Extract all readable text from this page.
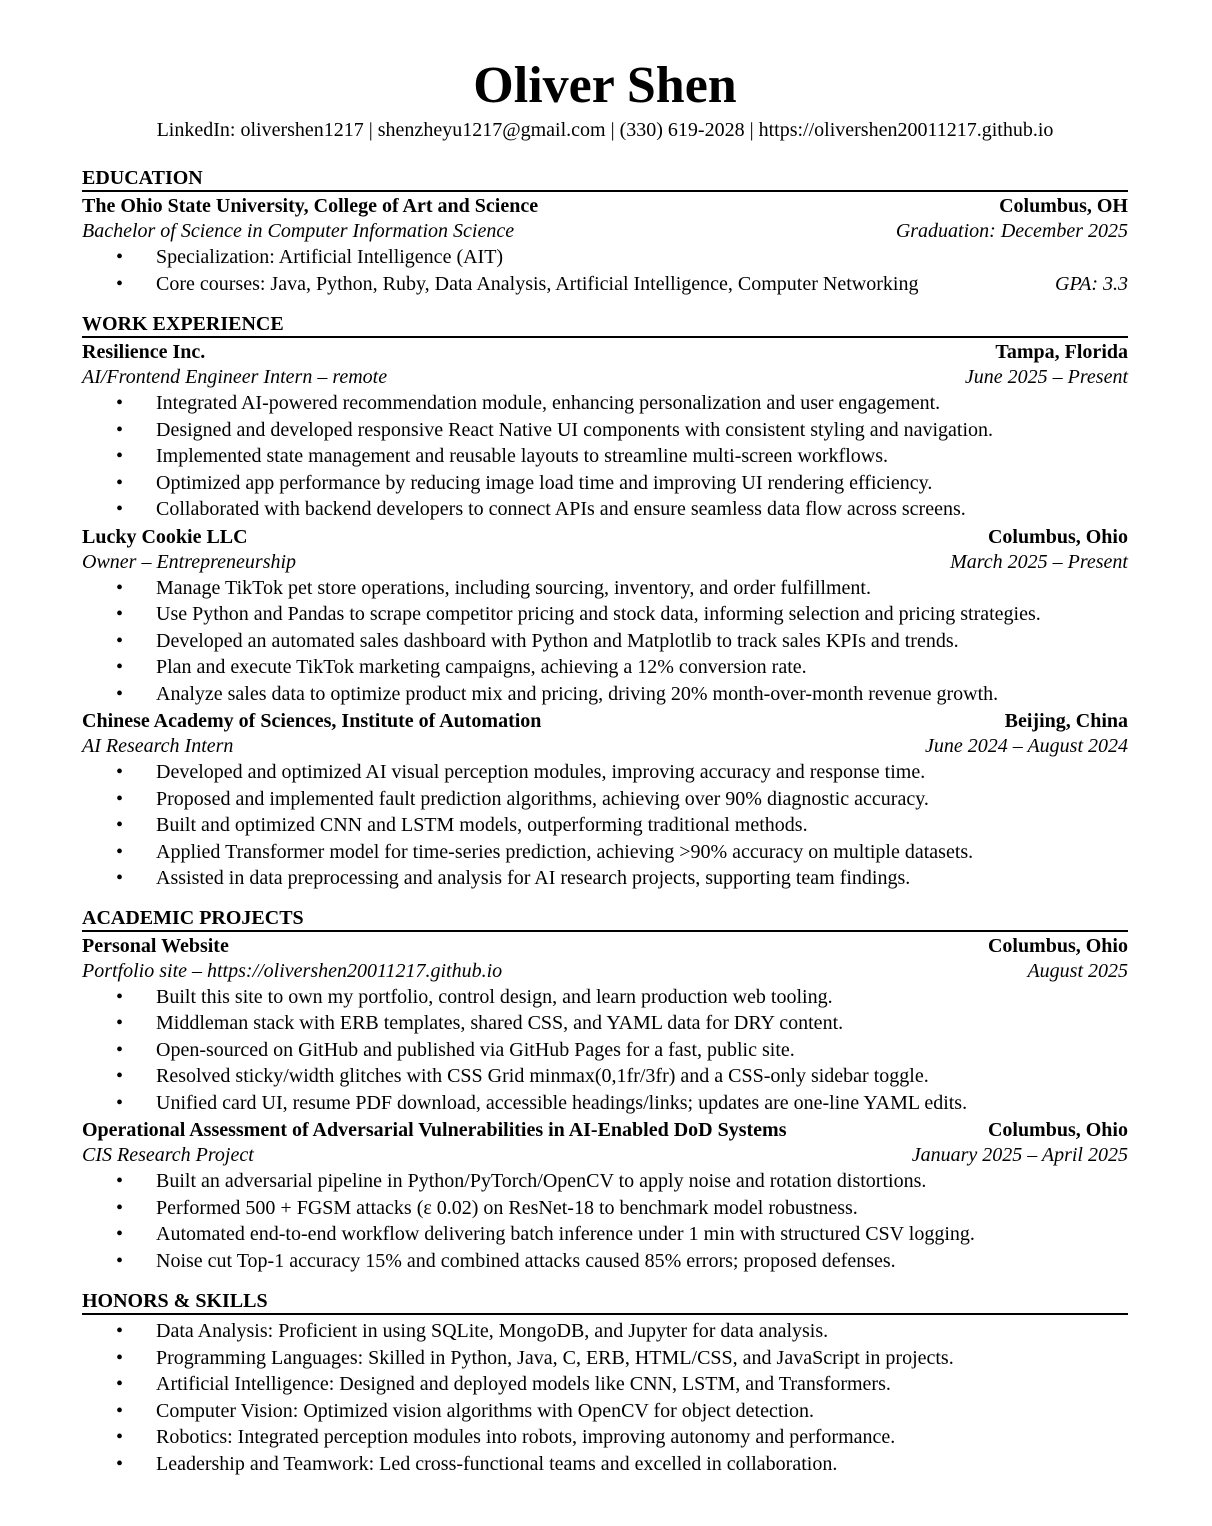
Oliver Shen
LinkedIn: olivershen1217 | shenzheyu1217@gmail.com | (330) 619-2028 | https://olivershen20011217.github.io
EDUCATION
The Ohio State University, College of Art and Science	Columbus, OH
Bachelor of Science in Computer Information Science	Graduation: December 2025
• Specialization: Artificial Intelligence (AIT)
• Core courses: Java, Python, Ruby, Data Analysis, Artificial Intelligence, Computer Networking	GPA: 3.3
WORK EXPERIENCE
Resilience Inc.	Tampa, Florida
AI/Frontend Engineer Intern – remote	June 2025 – Present
• Integrated AI-powered recommendation module, enhancing personalization and user engagement.
• Designed and developed responsive React Native UI components with consistent styling and navigation.
• Implemented state management and reusable layouts to streamline multi-screen workflows.
• Optimized app performance by reducing image load time and improving UI rendering efficiency.
• Collaborated with backend developers to connect APIs and ensure seamless data flow across screens.
Lucky Cookie LLC	Columbus, Ohio
Owner – Entrepreneurship	March 2025 – Present
• Manage TikTok pet store operations, including sourcing, inventory, and order fulfillment.
• Use Python and Pandas to scrape competitor pricing and stock data, informing selection and pricing strategies.
• Developed an automated sales dashboard with Python and Matplotlib to track sales KPIs and trends.
• Plan and execute TikTok marketing campaigns, achieving a 12% conversion rate.
• Analyze sales data to optimize product mix and pricing, driving 20% month-over-month revenue growth.
Chinese Academy of Sciences, Institute of Automation	Beijing, China
AI Research Intern	June 2024 – August 2024
• Developed and optimized AI visual perception modules, improving accuracy and response time.
• Proposed and implemented fault prediction algorithms, achieving over 90% diagnostic accuracy.
• Built and optimized CNN and LSTM models, outperforming traditional methods.
• Applied Transformer model for time-series prediction, achieving >90% accuracy on multiple datasets.
• Assisted in data preprocessing and analysis for AI research projects, supporting team findings.
ACADEMIC PROJECTS
Personal Website	Columbus, Ohio
Portfolio site – https://olivershen20011217.github.io	August 2025
• Built this site to own my portfolio, control design, and learn production web tooling.
• Middleman stack with ERB templates, shared CSS, and YAML data for DRY content.
• Open-sourced on GitHub and published via GitHub Pages for a fast, public site.
• Resolved sticky/width glitches with CSS Grid minmax(0,1fr/3fr) and a CSS-only sidebar toggle.
• Unified card UI, resume PDF download, accessible headings/links; updates are one-line YAML edits.
Operational Assessment of Adversarial Vulnerabilities in AI-Enabled DoD Systems	Columbus, Ohio
CIS Research Project	January 2025 – April 2025
• Built an adversarial pipeline in Python/PyTorch/OpenCV to apply noise and rotation distortions.
• Performed 500 + FGSM attacks (ε 0.02) on ResNet-18 to benchmark model robustness.
• Automated end-to-end workflow delivering batch inference under 1 min with structured CSV logging.
• Noise cut Top-1 accuracy 15% and combined attacks caused 85% errors; proposed defenses.
HONORS & SKILLS
• Data Analysis: Proficient in using SQLite, MongoDB, and Jupyter for data analysis.
• Programming Languages: Skilled in Python, Java, C, ERB, HTML/CSS, and JavaScript in projects.
• Artificial Intelligence: Designed and deployed models like CNN, LSTM, and Transformers.
• Computer Vision: Optimized vision algorithms with OpenCV for object detection.
• Robotics: Integrated perception modules into robots, improving autonomy and performance.
• Leadership and Teamwork: Led cross-functional teams and excelled in collaboration.
